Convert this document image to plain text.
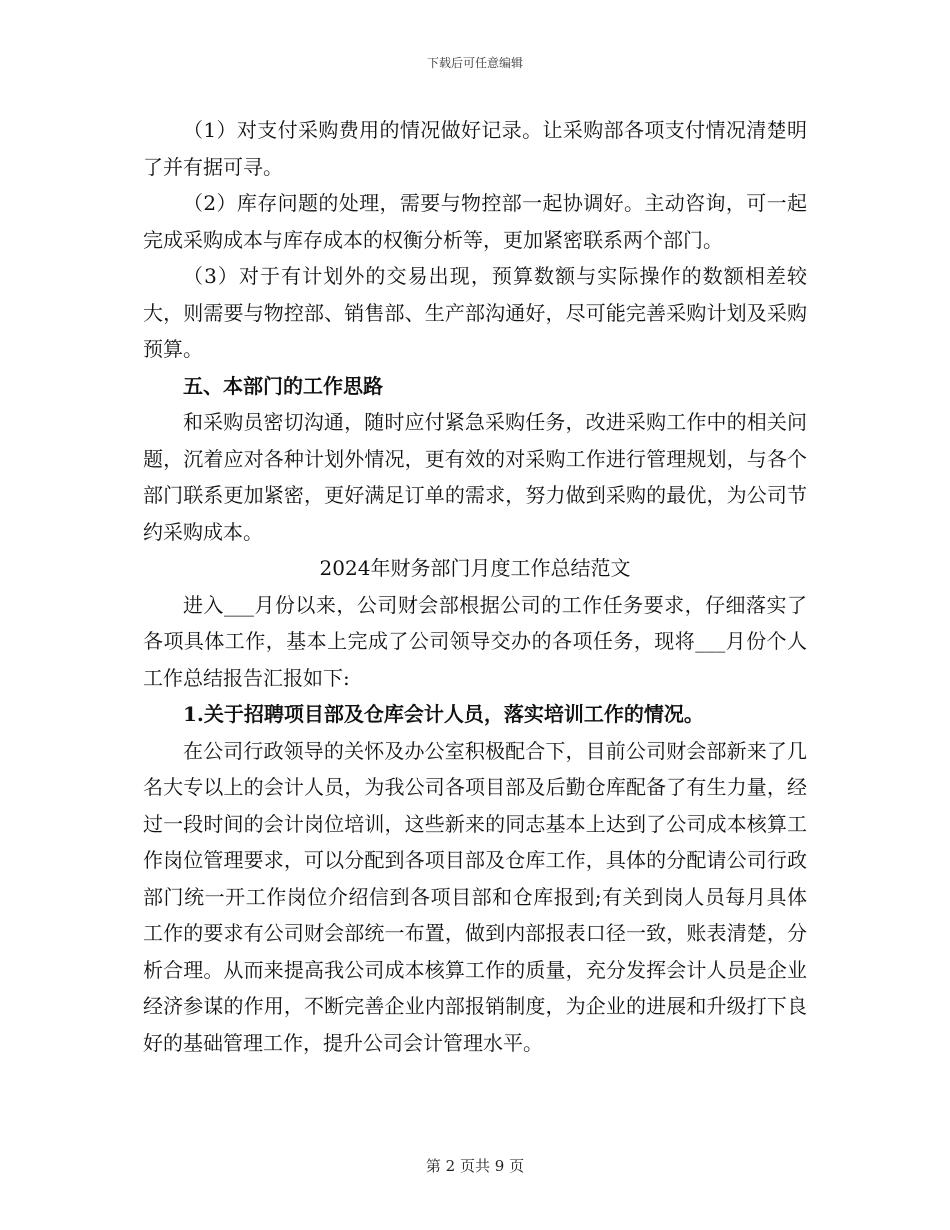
下载后可任意编辑

（1）对支付采购费用的情况做好记录。让采购部各项支付情况清楚明了并有据可寻。

（2）库存问题的处理，需要与物控部一起协调好。主动咨询，可一起完成采购成本与库存成本的权衡分析等，更加紧密联系两个部门。

（3）对于有计划外的交易出现，预算数额与实际操作的数额相差较大，则需要与物控部、销售部、生产部沟通好，尽可能完善采购计划及采购预算。

五、本部门的工作思路

和采购员密切沟通，随时应付紧急采购任务，改进采购工作中的相关问题，沉着应对各种计划外情况，更有效的对采购工作进行管理规划，与各个部门联系更加紧密，更好满足订单的需求，努力做到采购的最优，为公司节约采购成本。

2024年财务部门月度工作总结范文

进入___月份以来，公司财会部根据公司的工作任务要求，仔细落实了各项具体工作，基本上完成了公司领导交办的各项任务，现将___月份个人工作总结报告汇报如下:

1.关于招聘项目部及仓库会计人员，落实培训工作的情况。

在公司行政领导的关怀及办公室积极配合下，目前公司财会部新来了几名大专以上的会计人员，为我公司各项目部及后勤仓库配备了有生力量，经过一段时间的会计岗位培训，这些新来的同志基本上达到了公司成本核算工作岗位管理要求，可以分配到各项目部及仓库工作，具体的分配请公司行政部门统一开工作岗位介绍信到各项目部和仓库报到;有关到岗人员每月具体工作的要求有公司财会部统一布置，做到内部报表口径一致，账表清楚，分析合理。从而来提高我公司成本核算工作的质量，充分发挥会计人员是企业经济参谋的作用，不断完善企业内部报销制度，为企业的进展和升级打下良好的基础管理工作，提升公司会计管理水平。

第 2 页共 9 页
